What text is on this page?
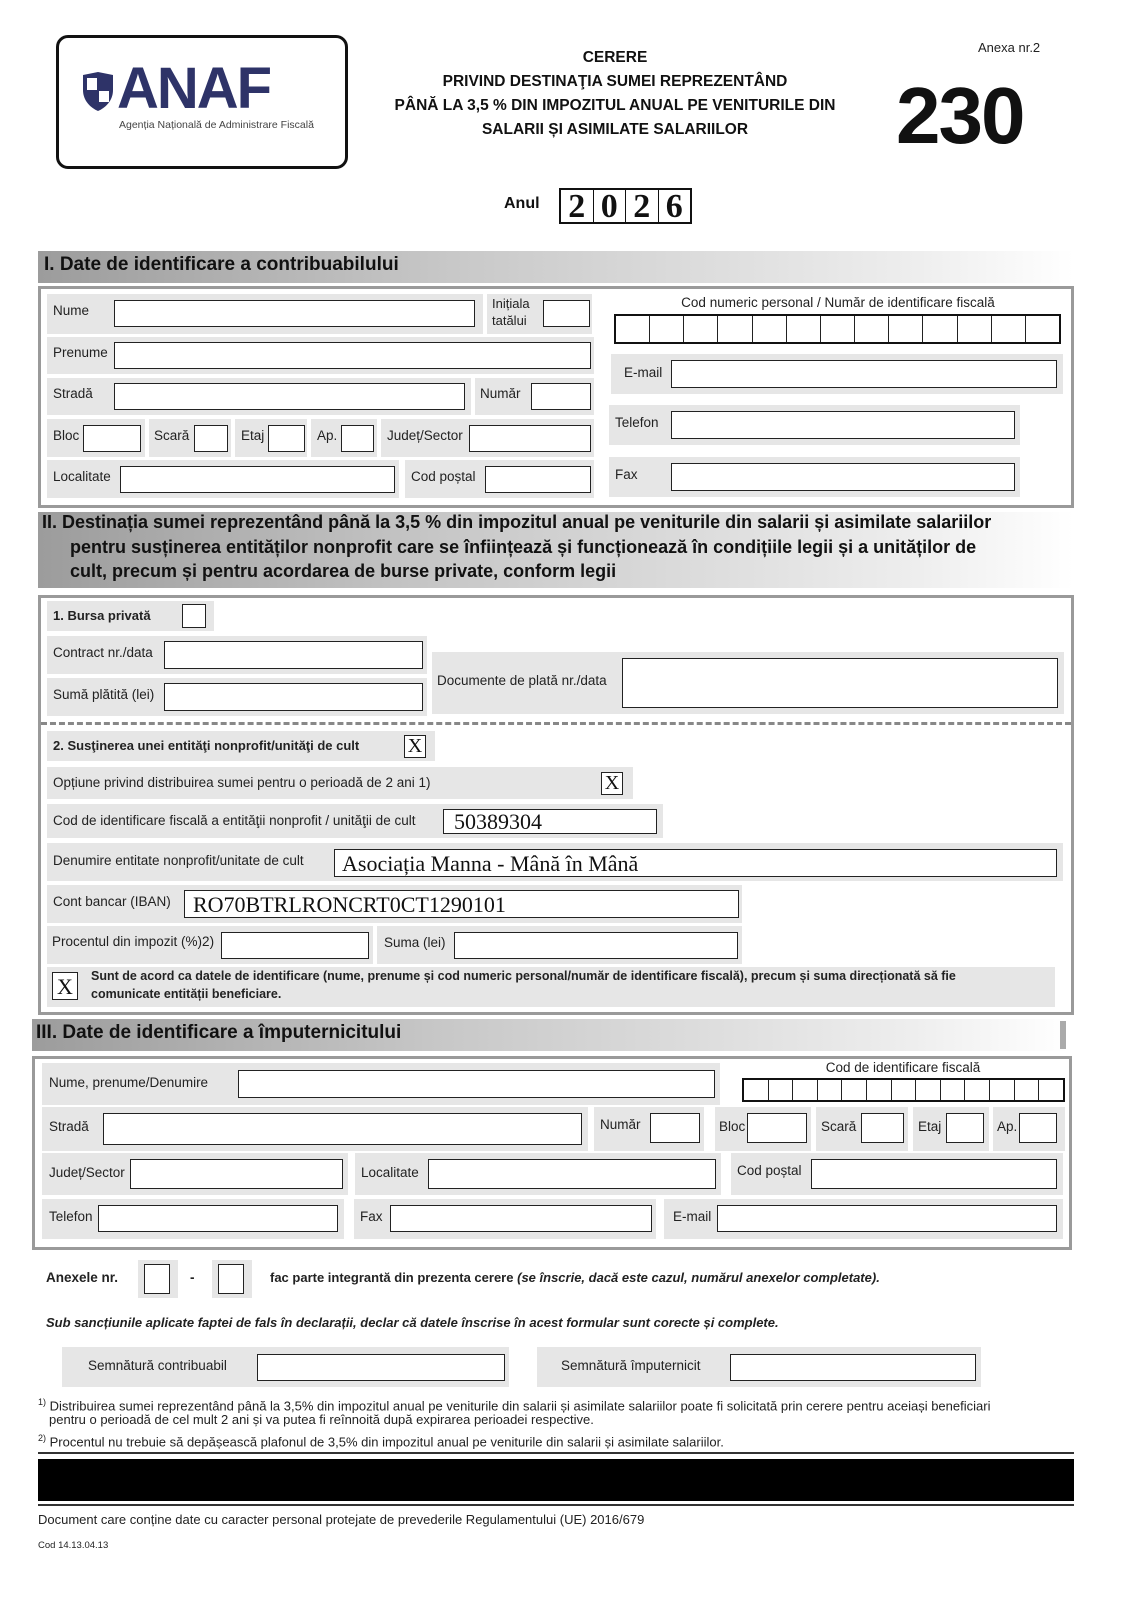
ANAF
Agenția Națională de Administrare Fiscală
CERERE
PRIVIND DESTINAŢIA SUMEI REPREZENTÂND
PÂNĂ LA 3,5 % DIN IMPOZITUL ANUAL PE VENITURILE DIN
SALARII ȘI ASIMILATE SALARIILOR
Anexa nr.2
230
Anul 2 0 2 6
I. Date de identificare a contribuabilului
Nume	Inițiala
tatălui
Prenume
Stradă	Număr
Bloc	Scară	Etaj	Ap.	Județ/Sector
Localitate	Cod poștal
Cod numeric personal / Număr de identificare fiscală
E-mail
Telefon
Fax
II. Destinația sumei reprezentând până la 3,5 % din impozitul anual pe veniturile din salarii și asimilate salariilor
pentru susținerea entităților nonprofit care se înființează și funcționează în condițiile legii și a unităților de
cult, precum și pentru acordarea de burse private, conform legii
1. Bursa privată
Contract nr./data
Sumă plătită (lei)
Documente de plată nr./data
2. Susţinerea unei entităţi nonprofit/unităţi de cult X
Opțiune privind distribuirea sumei pentru o perioadă de 2 ani 1)	X
Cod de identificare fiscală a entităţii nonprofit / unităţii de cult	50389304
Denumire entitate nonprofit/unitate de cult	Asociația Manna - Mână în Mână
Cont bancar (IBAN)	RO70BTRLRONCRT0CT1290101
Procentul din impozit (%)2)	Suma (lei)
X	Sunt de acord ca datele de identificare (nume, prenume și cod numeric personal/număr de identificare fiscală), precum și suma direcționată să fie
comunicate entității beneficiare.
III. Date de identificare a împuternicitului
Nume, prenume/Denumire
Cod de identificare fiscală
Stradă	Număr	Bloc	Scară	Etaj	Ap.
Județ/Sector	Localitate	Cod poștal
Telefon	Fax	E-mail
Anexele nr.	-	fac parte integrantă din prezenta cerere (se înscrie, dacă este cazul, numărul anexelor completate).
Sub sancțiunile aplicate faptei de fals în declarații, declar că datele înscrise în acest formular sunt corecte și complete.
Semnătură contribuabil	Semnătură împuternicit
$^{1)}$ Distribuirea sumei reprezentând până la 3,5% din impozitul anual pe veniturile din salarii și asimilate salariilor poate fi solicitată prin cerere pentru aceiași beneficiari
pentru o perioadă de cel mult 2 ani și va putea fi reînnoită după expirarea perioadei respective.
$^{2)}$ Procentul nu trebuie să depășească plafonul de 3,5% din impozitul anual pe veniturile din salarii și asimilate salariilor.
Document care conține date cu caracter personal protejate de prevederile Regulamentului (UE) 2016/679
Cod 14.13.04.13
